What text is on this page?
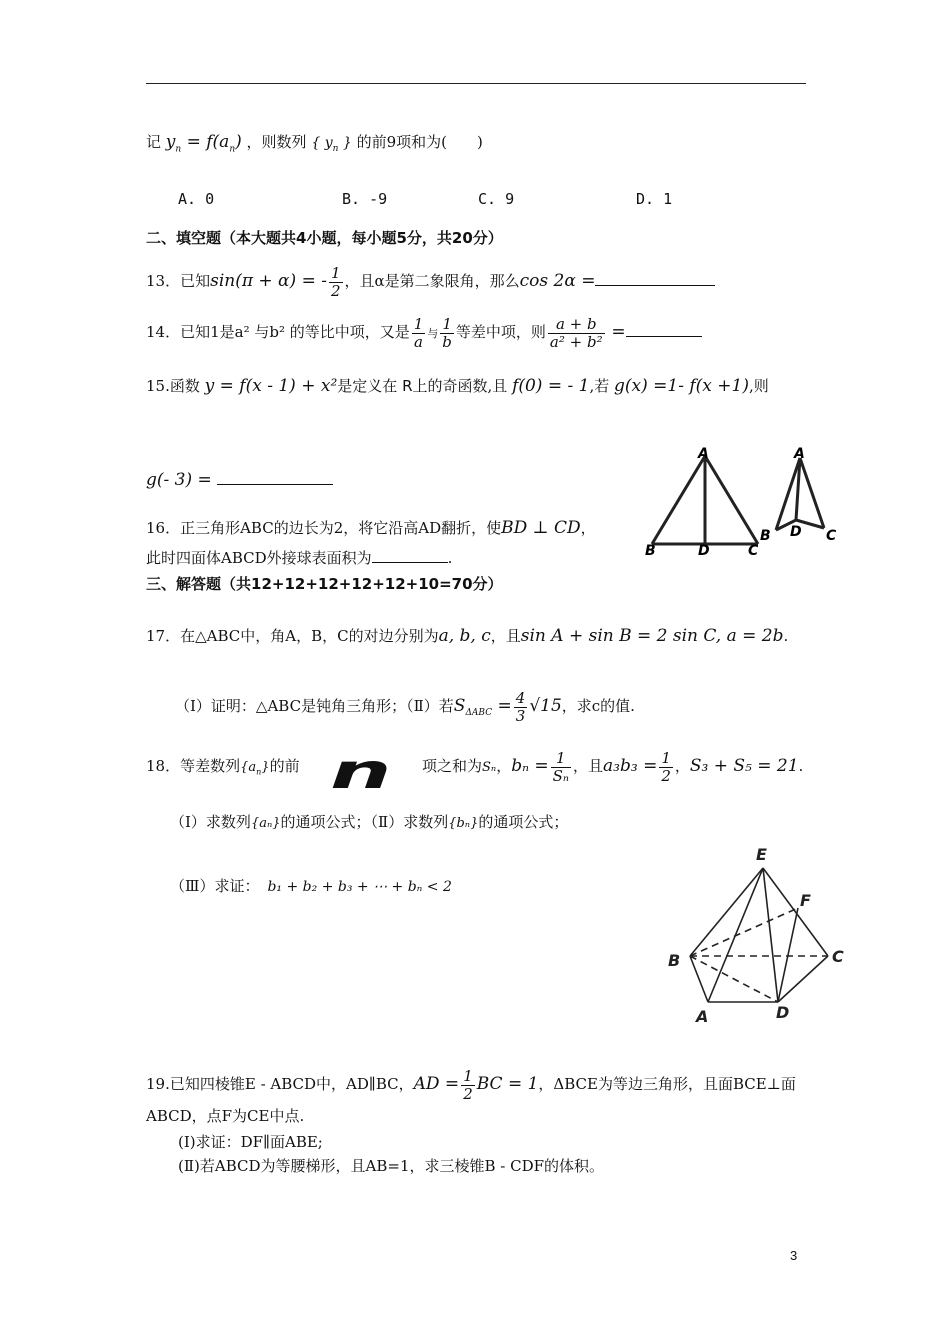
记 $y_n = f(a_n)$ ，则数列 { $y_n$ } 的前9项和为(　　)
A. 0	B. -9	C. 9	D. 1
二、填空题（本大题共4小题，每小题5分，共20分）
13．已知sin(π + α) = - $\frac{1}{2}$ ，且α是第二象限角，那么cos 2α =
14．已知1是a² 与b² 的等比中项，又是 $\frac{1}{a}$ 与 $\frac{1}{b}$ 等差中项，则 $\frac{a + b}{\text{a² + b²}}$ =
15.函数 y = f(x - 1) + x²是定义在 R上的奇函数,且 f(0) = - 1,若 g(x) =1- f(x +1),则
g(- 3) =
16．正三角形ABC的边长为2，将它沿高AD翻折，使BD ⊥ CD，
此时四面体ABCD外接球表面积为	.
A
B	D	C
A
B D C
三、解答题（共12+12+12+12+12+10=70分）
17．在△ABC中，角A，B，C的对边分别为a, b, c，且sin A + sin B = 2 sin C, a = 2b.
（Ⅰ）证明：△ABC是钝角三角形；（Ⅱ）若$S_{\Delta ABC} = \frac{4}{3} √15$，求c的值.
18．等差数列$\{a_n\}$的前 n 项之和为Sₙ，$b_n = \frac{1}{\text{Sₙ}}$ ，且$a_3b_3 = \frac{1}{2}$ ，S₃ + S₅ = 21.
（Ⅰ）求数列{aₙ}的通项公式；（Ⅱ）求数列{bₙ}的通项公式；
（Ⅲ）求证： b₁ + b₂ + b₃ + ⋯ + bₙ < 2
E
F
B	C
A	D
19.已知四棱锥E - ABCD中，AD∥BC，AD = $\frac{1}{2}$ BC = 1，ΔBCE为等边三角形，且面BCE⊥面
ABCD，点F为CE中点.
(Ⅰ)求证：DF∥面ABE;
(Ⅱ)若ABCD为等腰梯形，且AB=1，求三棱锥B - CDF的体积。
3
